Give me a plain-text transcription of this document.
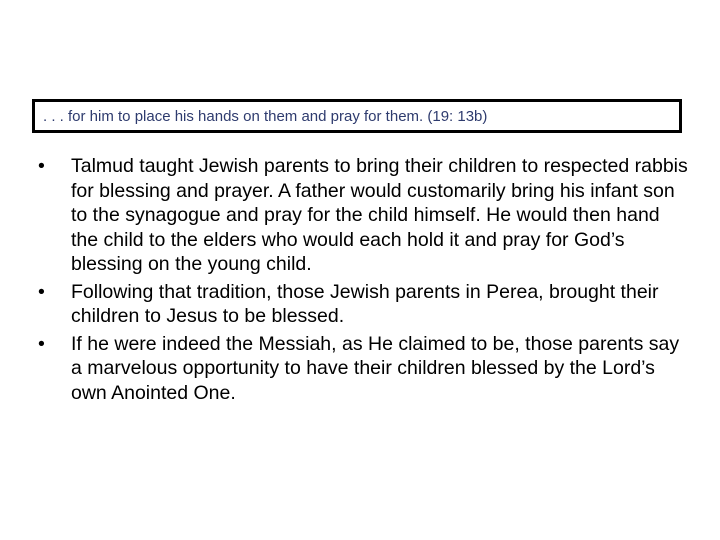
. . . for him to place his hands on them and pray for them. (19: 13b)
•	Talmud taught Jewish parents to bring their children to respected rabbis for blessing and prayer. A father would customarily bring his infant son to the synagogue and pray for the child himself. He would then hand the child to the elders who would each hold it and pray for God’s blessing on the young child.
•	Following that tradition, those Jewish parents in Perea, brought their children to Jesus to be blessed.
•	If he were indeed the Messiah, as He claimed to be, those parents say a marvelous opportunity to have their children blessed by the Lord’s own Anointed One.
